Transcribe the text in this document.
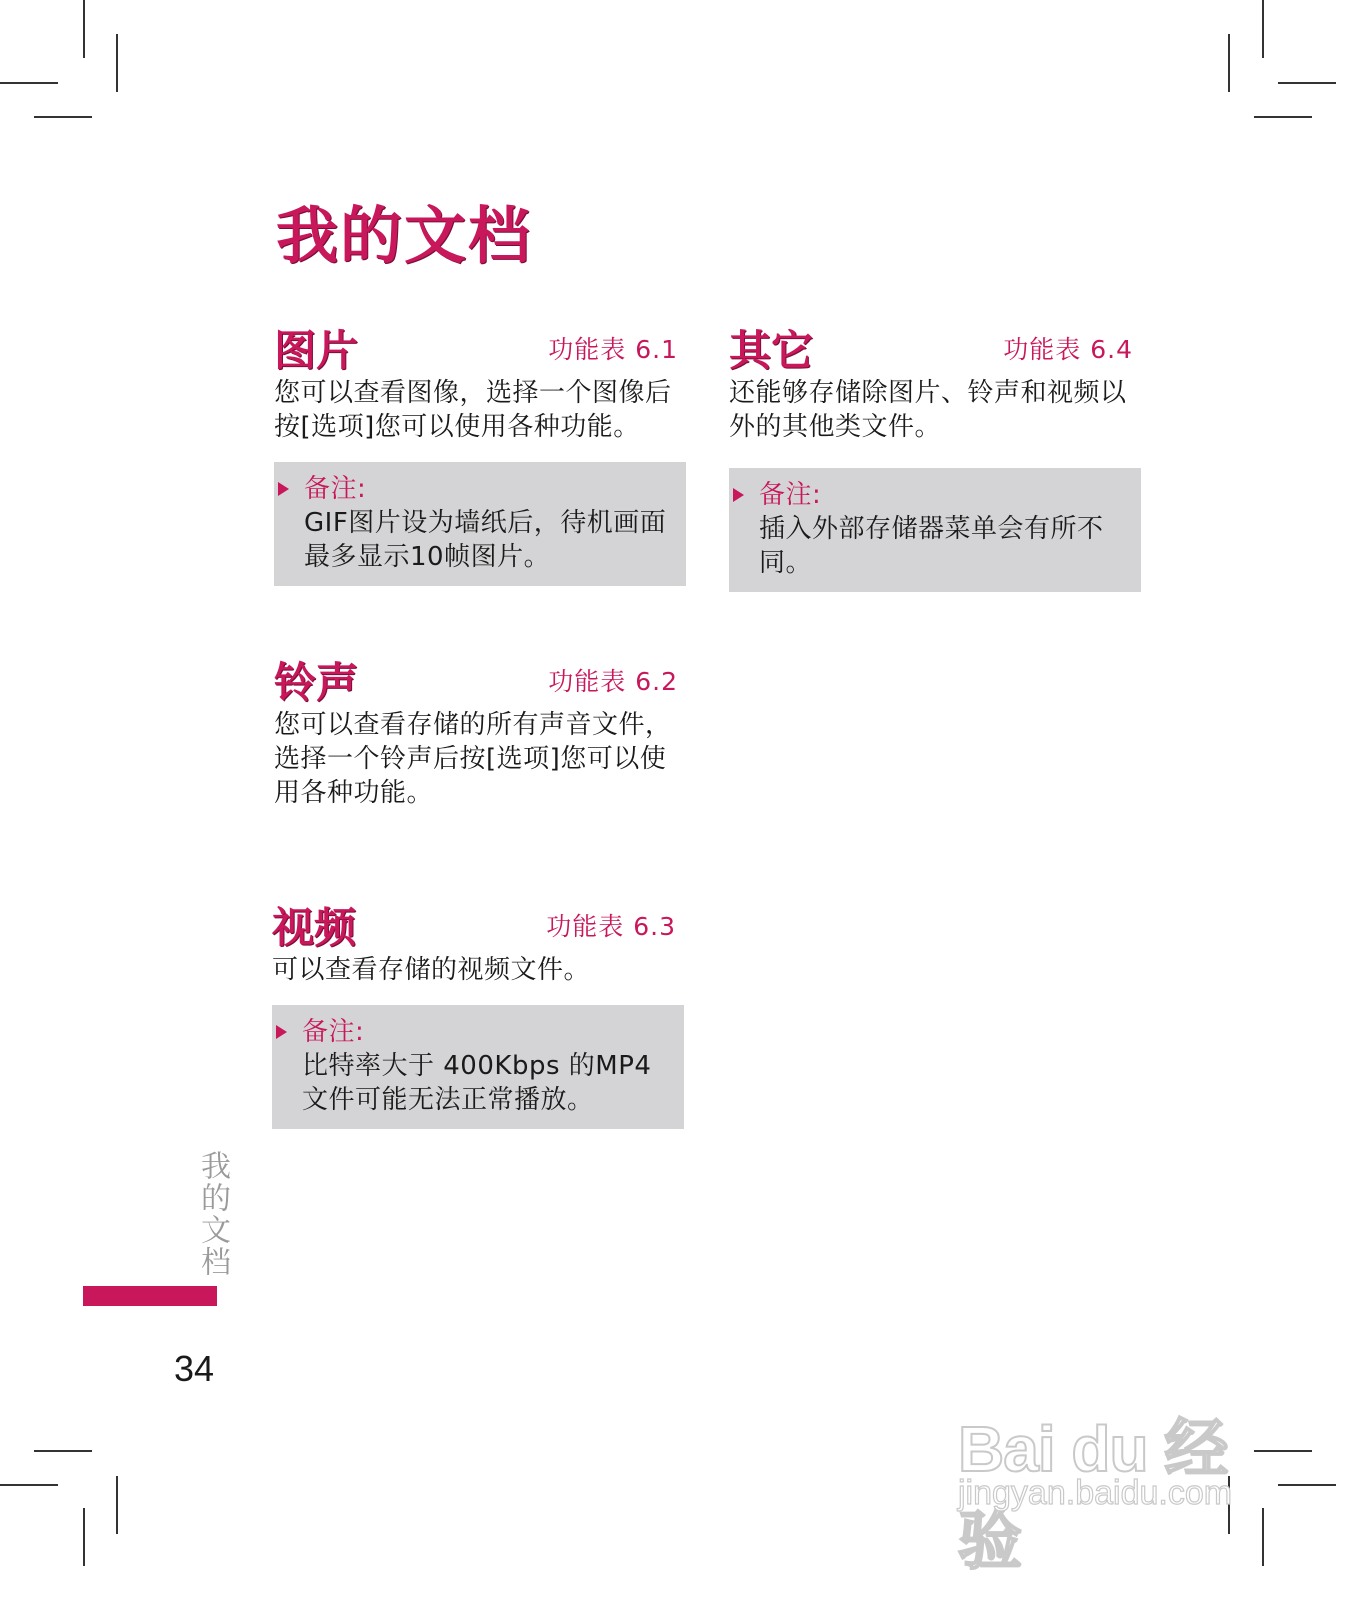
我的文档
图片	功能表 6.1
您可以查看图像，选择一个图像后按[选项]您可以使用各种功能。
备注:
GIF图片设为墙纸后，待机画面最多显示10帧图片。
铃声	功能表 6.2
您可以查看存储的所有声音文件，选择一个铃声后按[选项]您可以使用各种功能。
视频	功能表 6.3
可以查看存储的视频文件。
备注:
比特率大于 400Kbps 的MP4文件可能无法正常播放。
其它	功能表 6.4
还能够存储除图片、铃声和视频以外的其他类文件。
备注:
插入外部存储器菜单会有所不同。
我的文档
34
Bai du 经验
jingyan.baidu.com
